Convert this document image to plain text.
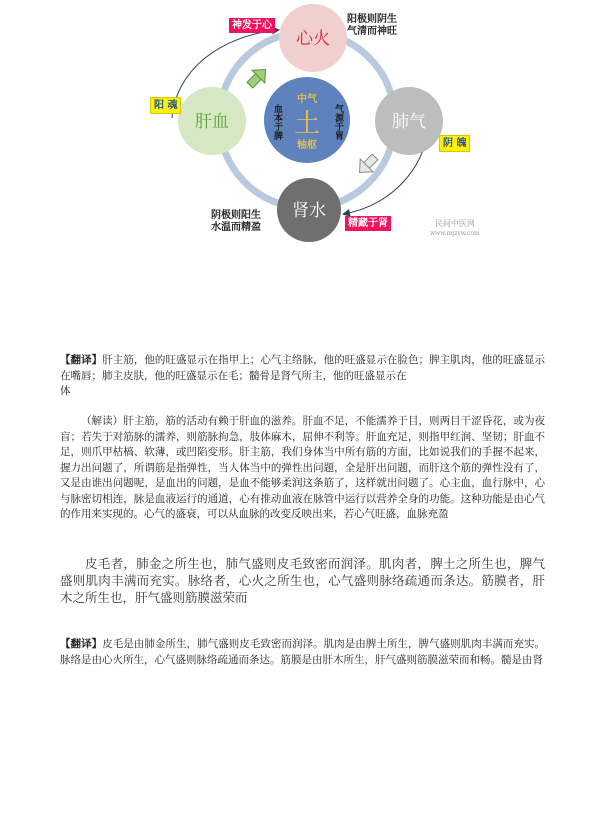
心火
肝血	肺气
肾水
中气
土
轴枢
血本于脾	气源于胃
神发于心
阳 魂
阴 魄
精藏于肾
阳极则阴生
气清而神旺
阴极则阳生
水温而精盈	民间中医网
www.mjzyw.com

【翻译】肝主筋，他的旺盛显示在指甲上；心气主络脉，他的旺盛显示在脸色；脾主肌肉，他的旺盛显示在嘴唇；肺主皮肤，他的旺盛显示在毛；髓骨是肾气所主，他的旺盛显示在
体

（解读）肝主筋，筋的活动有赖于肝血的滋养。肝血不足，不能濡养于目，则两目干涩昏花，或为夜盲；若失于对筋脉的濡养，则筋脉拘急，肢体麻木，屈伸不利等。肝血充足，则指甲红润、坚韧；肝血不足，则爪甲枯槁、软薄，或凹陷变形。肝主筋，我们身体当中所有筋的方面，比如说我们的手握不起来，握力出问题了，所谓筋是指弹性，当人体当中的弹性出问题，全是肝出问题，而肝这个筋的弹性没有了，又是由谁出问题呢，是血出的问题，是血不能够柔润这条筋了，这样就出问题了。心主血，血行脉中，心与脉密切相连，脉是血液运行的通道，心有推动血液在脉管中运行以营养全身的功能。这种功能是由心气的作用来实现的。心气的盛衰，可以从血脉的改变反映出来，若心气旺盛，血脉充盈

皮毛者，肺金之所生也，肺气盛则皮毛致密而润泽。肌肉者，脾土之所生也，脾气盛则肌肉丰满而充实。脉络者，心火之所生也，心气盛则脉络疏通而条达。筋膜者，肝木之所生也，肝气盛则筋膜滋荣而

【翻译】皮毛是由肺金所生，肺气盛则皮毛致密而润泽。肌肉是由脾土所生，脾气盛则肌肉丰满而充实。脉络是由心火所生，心气盛则脉络疏通而条达。筋膜是由肝木所生，肝气盛则筋膜滋荣而和畅。髓是由肾
